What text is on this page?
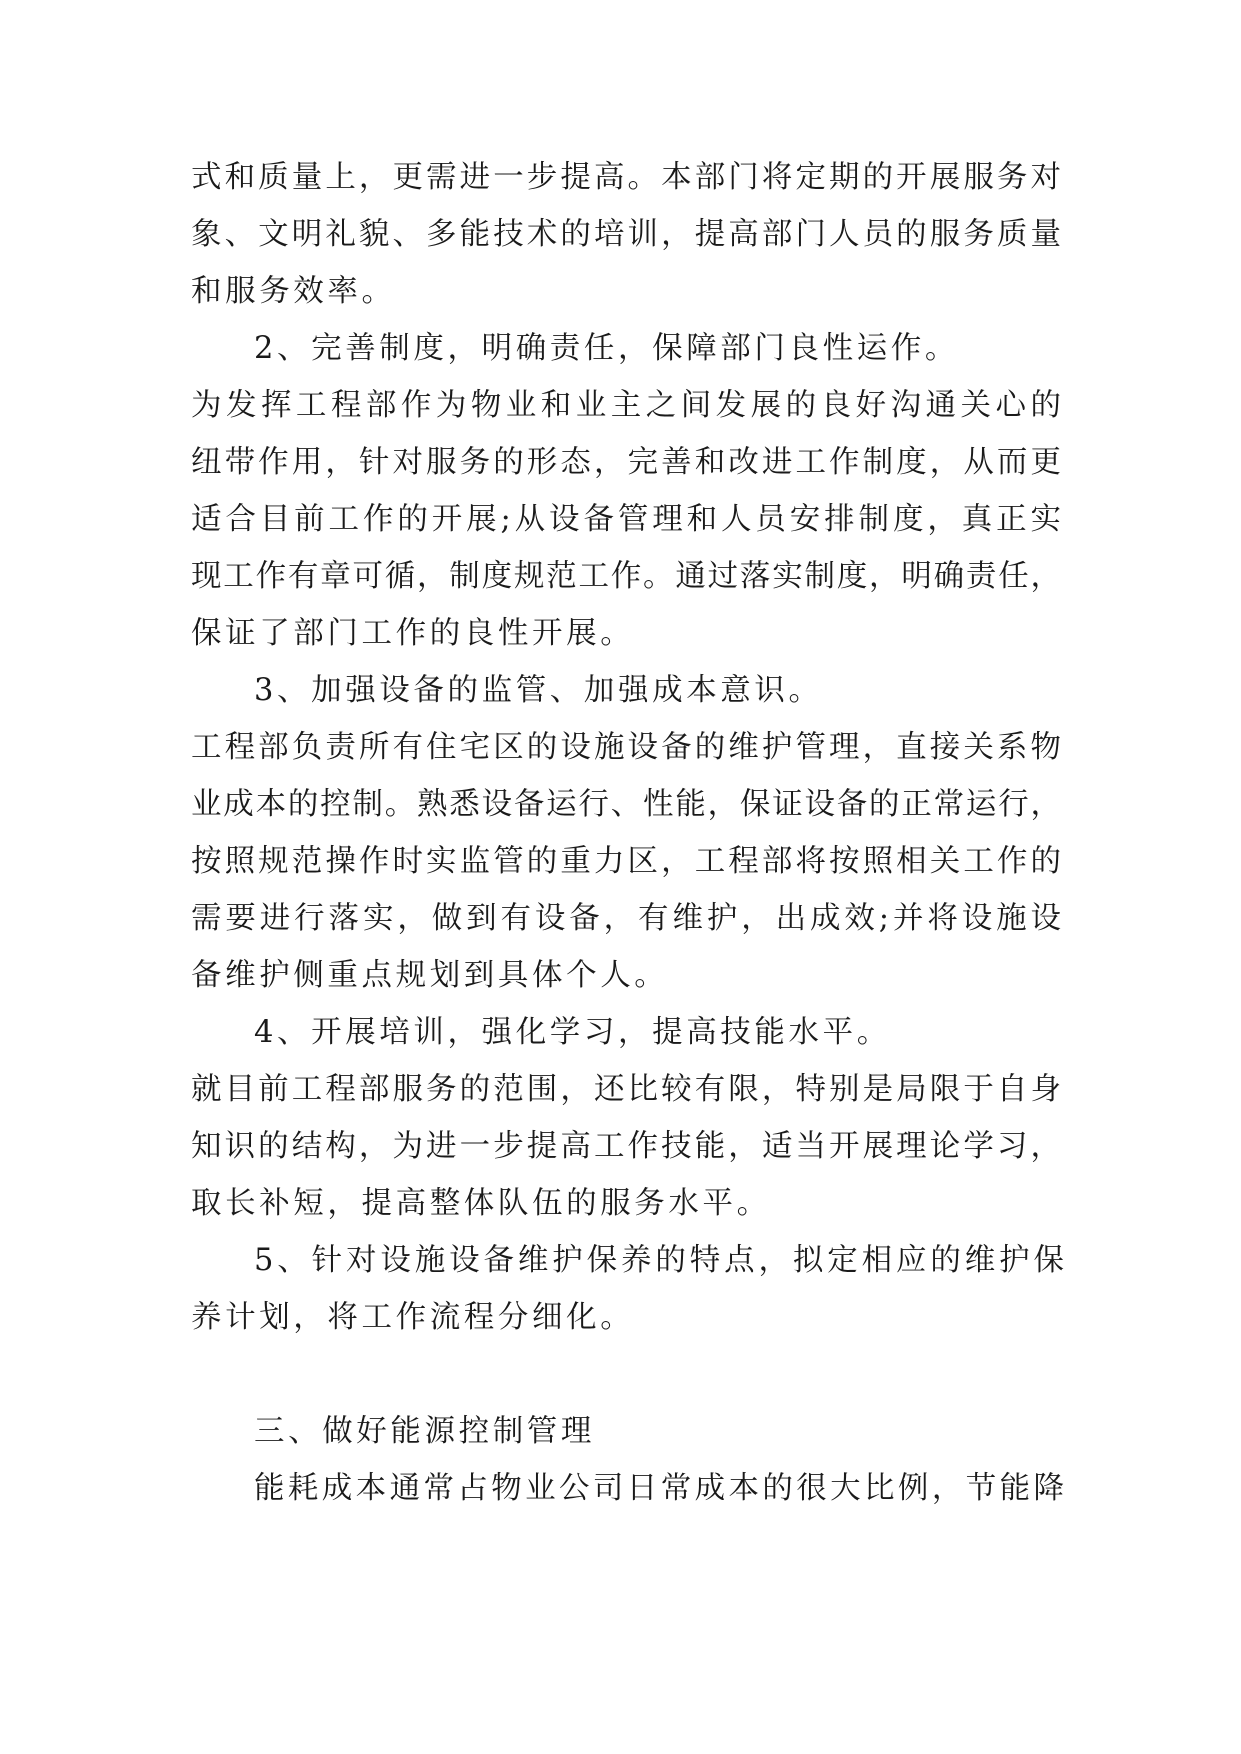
式和质量上，更需进一步提高。本部门将定期的开展服务对
象、文明礼貌、多能技术的培训，提高部门人员的服务质量
和服务效率。
2、完善制度，明确责任，保障部门良性运作。
为发挥工程部作为物业和业主之间发展的良好沟通关心的
纽带作用，针对服务的形态，完善和改进工作制度，从而更
适合目前工作的开展;从设备管理和人员安排制度，真正实
现工作有章可循，制度规范工作。通过落实制度，明确责任，
保证了部门工作的良性开展。
3、加强设备的监管、加强成本意识。
工程部负责所有住宅区的设施设备的维护管理，直接关系物
业成本的控制。熟悉设备运行、性能，保证设备的正常运行，
按照规范操作时实监管的重力区，工程部将按照相关工作的
需要进行落实，做到有设备，有维护，出成效;并将设施设
备维护侧重点规划到具体个人。
4、开展培训，强化学习，提高技能水平。
就目前工程部服务的范围，还比较有限，特别是局限于自身
知识的结构，为进一步提高工作技能，适当开展理论学习，
取长补短，提高整体队伍的服务水平。
5、针对设施设备维护保养的特点，拟定相应的维护保
养计划，将工作流程分细化。
三、做好能源控制管理
能耗成本通常占物业公司日常成本的很大比例，节能降
